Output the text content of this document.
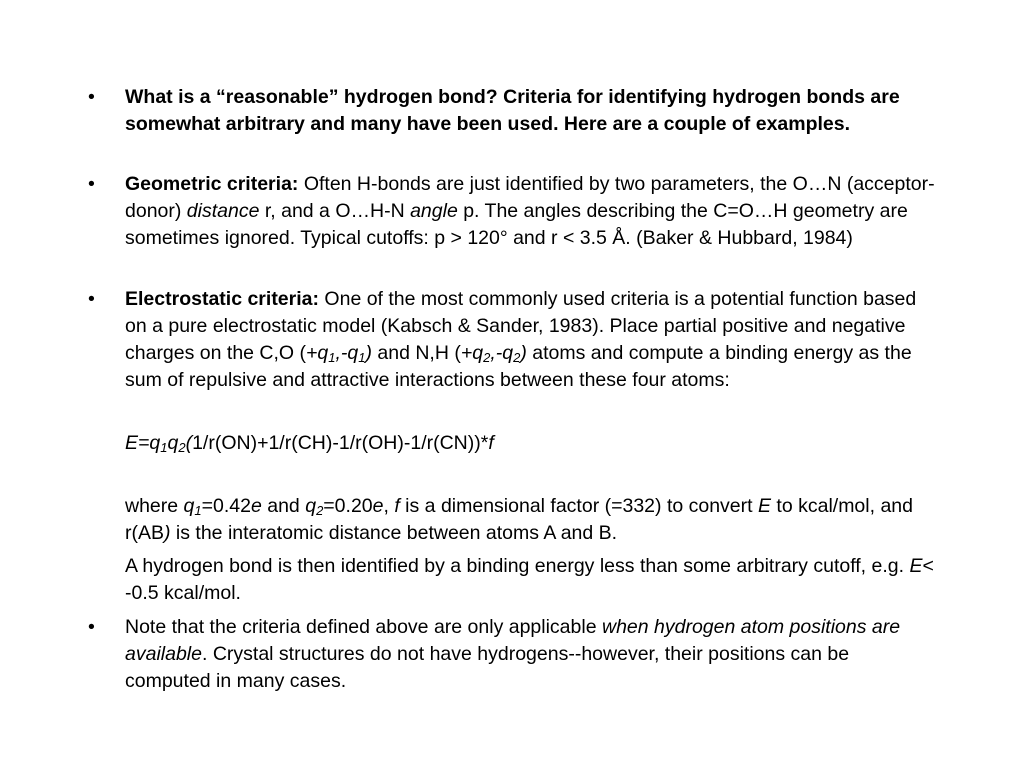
• What is a “reasonable” hydrogen bond? Criteria for identifying hydrogen bonds are somewhat arbitrary and many have been used. Here are a couple of examples.
• Geometric criteria: Often H-bonds are just identified by two parameters, the O…N (acceptor-donor) distance r, and a O…H-N angle p. The angles describing the C=O…H geometry are sometimes ignored. Typical cutoffs: p > 120° and r < 3.5 Å. (Baker & Hubbard, 1984)
• Electrostatic criteria: One of the most commonly used criteria is a potential function based on a pure electrostatic model (Kabsch & Sander, 1983). Place partial positive and negative charges on the C,O $(+q_1,-q_1)$ and N,H $(+q_2,-q_2)$ atoms and compute a binding energy as the sum of repulsive and attractive interactions between these four atoms:
$E=q_1q_2(1/r(ON)+1/r(CH)-1/r(OH)-1/r(CN))*f$
where $q_1=0.42e$ and $q_2=0.20e$, f is a dimensional factor (=332) to convert E to kcal/mol, and r(AB) is the interatomic distance between atoms A and B.
A hydrogen bond is then identified by a binding energy less than some arbitrary cutoff, e.g. E< -0.5 kcal/mol.
• Note that the criteria defined above are only applicable when hydrogen atom positions are available. Crystal structures do not have hydrogens--however, their positions can be computed in many cases.
